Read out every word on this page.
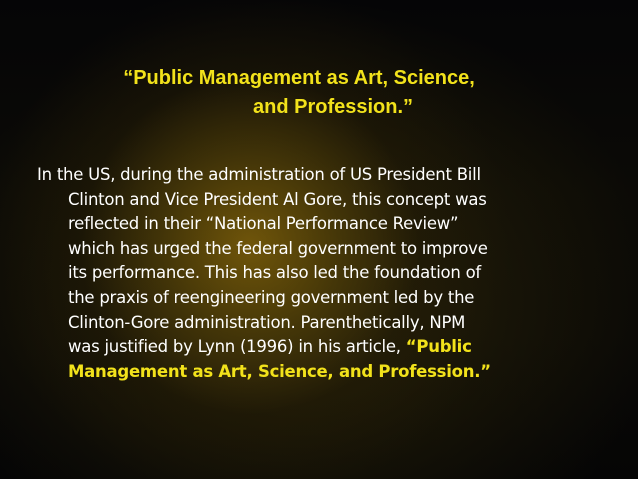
“Public Management as Art, Science,
and Profession.”
In the US, during the administration of US President Bill
Clinton and Vice President Al Gore, this concept was
reflected in their “National Performance Review”
which has urged the federal government to improve
its performance. This has also led the foundation of
the praxis of reengineering government led by the
Clinton-Gore administration. Parenthetically, NPM
was justified by Lynn (1996) in his article, “Public
Management as Art, Science, and Profession.”
